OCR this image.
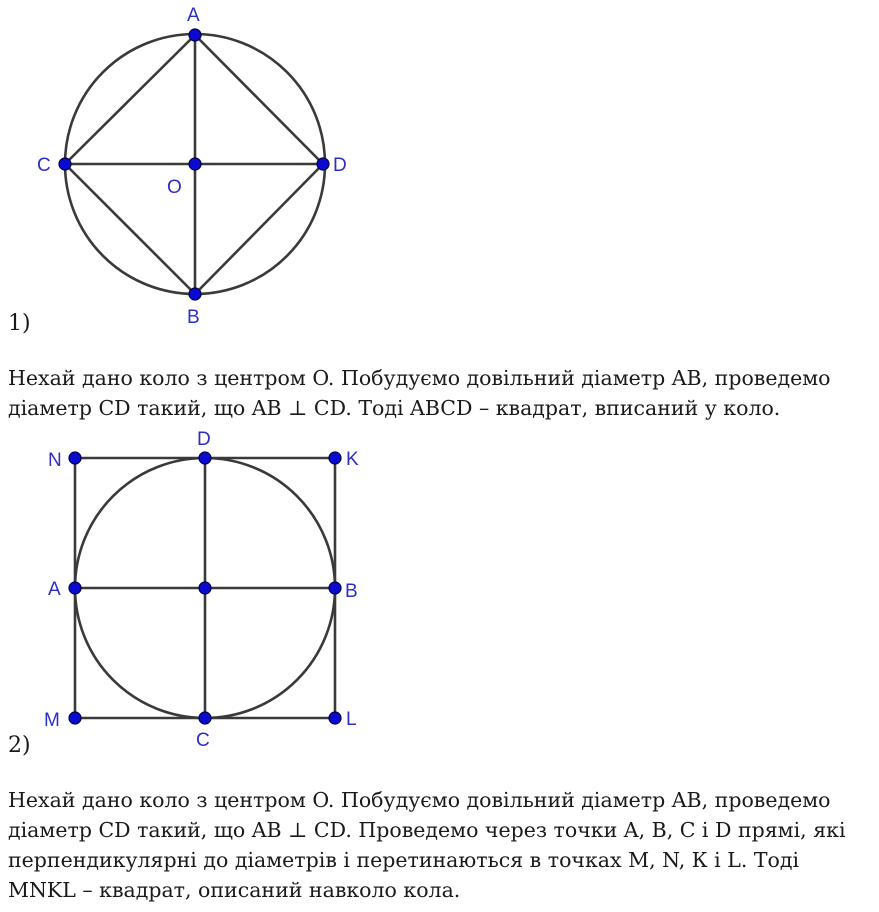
A
B
C	D
O

1)

Нехай дано коло з центром O. Побудуємо довільний діаметр AB, проведемо
діаметр CD такий, що AB ⊥ CD. Тоді ABCD – квадрат, вписаний у коло.

N
D
K
A	B
M
C
L

2)

Нехай дано коло з центром O. Побудуємо довільний діаметр AB, проведемо
діаметр CD такий, що AB ⊥ CD. Проведемо через точки A, B, C і D прямі, які
перпендикулярні до діаметрів і перетинаються в точках M, N, К і L. Тоді
MNKL – квадрат, описаний навколо кола.
